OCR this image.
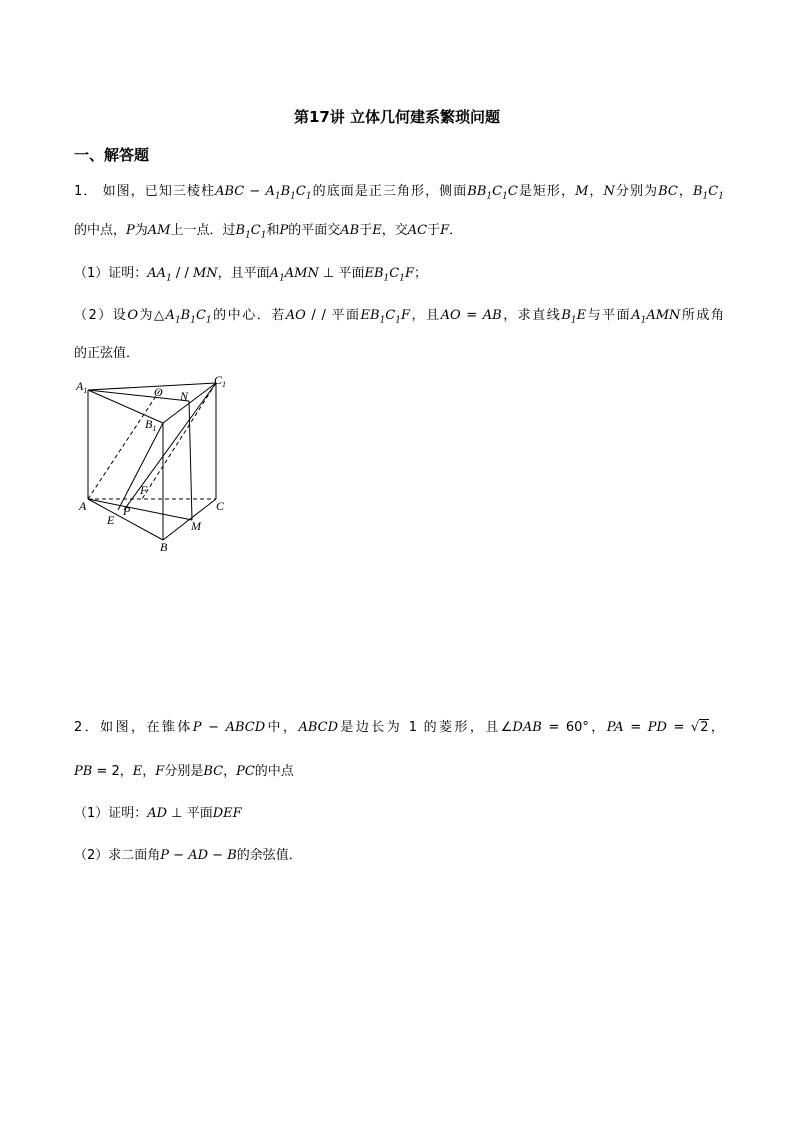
第17讲 立体几何建系繁琐问题
一、解答题
1． 如图，已知三棱柱ABC − $A_1B_1C_1$的底面是正三角形，侧面$BB_1C_1C$是矩形，M，N分别为BC，$B_1C_1$
的中点，P为AM上一点．过$B_1C_1$和P的平面交AB于E，交AC于F．
（1）证明：$AA_1$ / / MN，且平面$A_1AMN$ ⊥ 平面$EB_1C_1F$；
（2）设O为$\triangle A_1B_1C_1$的中心．若AO / / 平面$EB_1C_1F$，且AO = AB，求直线$B_1E$与平面$A_1AMN$所成角
的正弦值．
$A_1$	O
$C_1$
N
$B_1$
F
A	C
E
P
M
B
2．如图，在锥体P − ABCD中，ABCD是边长为 1 的菱形，且∠DAB = 60°，PA = PD = √2，
PB = 2，E，F分别是BC，PC的中点
（1）证明：AD ⊥ 平面DEF
（2）求二面角P − AD − B的余弦值．
